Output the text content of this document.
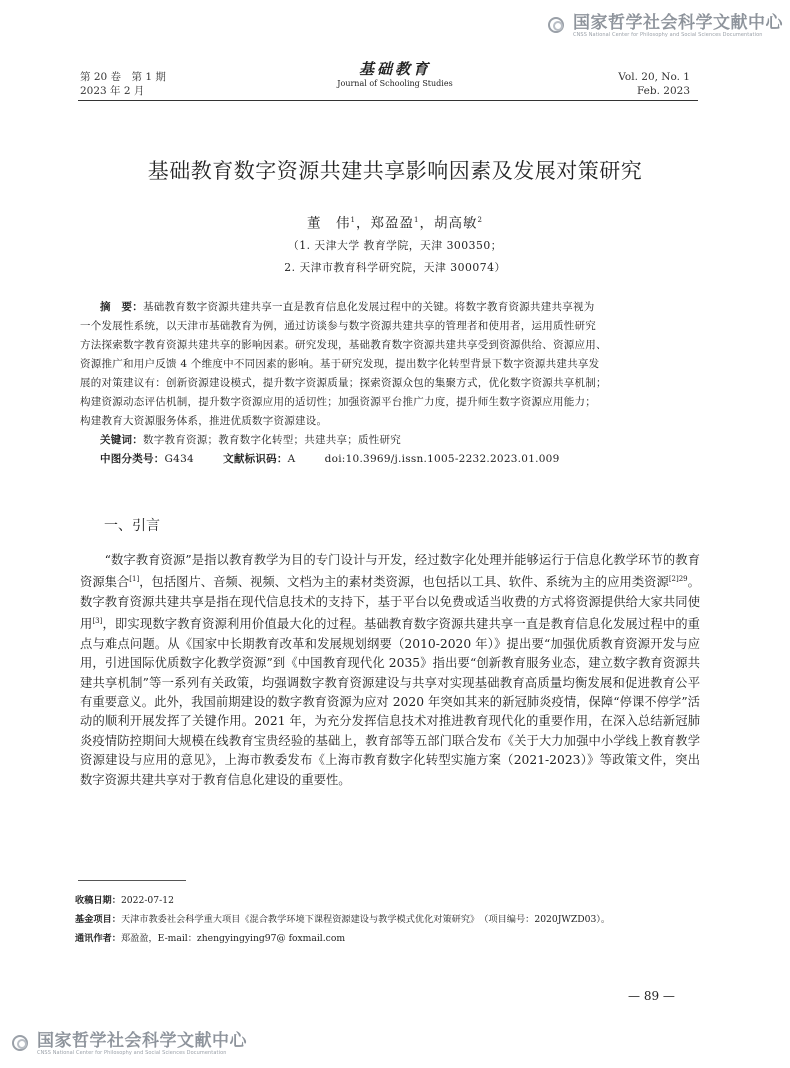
国家哲学社会科学文献中心
CNSS National Center for Philosophy and Social Sciences Documentation
第 20 卷　第 1 期
2023 年 2 月
基础教育
Journal of Schooling Studies
Vol. 20, No. 1
Feb. 2023
基础教育数字资源共建共享影响因素及发展对策研究
董　伟$^1$，郑盈盈$^1$，胡高敏$^2$
（1. 天津大学 教育学院，天津 300350；
2. 天津市教育科学研究院，天津 300074）

摘　要：基础教育数字资源共建共享一直是教育信息化发展过程中的关键。将数字教育资源共建共享视为

一个发展性系统，以天津市基础教育为例，通过访谈参与数字资源共建共享的管理者和使用者，运用质性研究

方法探索数字教育资源共建共享的影响因素。研究发现，基础教育数字资源共建共享受到资源供给、资源应用、

资源推广和用户反馈 4 个维度中不同因素的影响。基于研究发现，提出数字化转型背景下数字资源共建共享发

展的对策建议有：创新资源建设模式，提升数字资源质量；探索资源众包的集聚方式，优化数字资源共享机制；

构建资源动态评估机制，提升数字资源应用的适切性；加强资源平台推广力度，提升师生数字资源应用能力；

构建教育大资源服务体系，推进优质数字资源建设。

关键词：数字教育资源；教育数字化转型；共建共享；质性研究

中图分类号：G434	文献标识码：A	doi:10.3969/j.issn.1005-2232.2023.01.009

一、引言

“数字教育资源”是指以教育教学为目的专门设计与开发，经过数字化处理并能够运行于信息化教学环节的教育资源集合[1]，包括图片、音频、视频、文档为主的素材类资源，也包括以工具、软件、系统为主的应用类资源$^{[2]29}$。数字教育资源共建共享是指在现代信息技术的支持下，基于平台以免费或适当收费的方式将资源提供给大家共同使用[3]，即实现数字教育资源利用价值最大化的过程。基础教育数字资源共建共享一直是教育信息化发展过程中的重点与难点问题。从《国家中长期教育改革和发展规划纲要（2010-2020 年）》提出要“加强优质教育资源开发与应用，引进国际优质数字化教学资源”到《中国教育现代化 2035》指出要“创新教育服务业态，建立数字教育资源共建共享机制”等一系列有关政策，均强调数字教育资源建设与共享对实现基础教育高质量均衡发展和促进教育公平有重要意义。此外，我国前期建设的数字教育资源为应对 2020 年突如其来的新冠肺炎疫情，保障“停课不停学”活动的顺利开展发挥了关键作用。2021 年，为充分发挥信息技术对推进教育现代化的重要作用，在深入总结新冠肺炎疫情防控期间大规模在线教育宝贵经验的基础上，教育部等五部门联合发布《关于大力加强中小学线上教育教学资源建设与应用的意见》，上海市教委发布《上海市教育数字化转型实施方案（2021-2023）》等政策文件，突出数字资源共建共享对于教育信息化建设的重要性。

收稿日期：2022-07-12

基金项目：天津市教委社会科学重大项目《混合教学环境下课程资源建设与教学模式优化对策研究》　（项目编号：2020JWZD03）。

通讯作者：郑盈盈，E-mail：zhengyingying97@ foxmail.com

— 89 —
国家哲学社会科学文献中心
CNSS National Center for Philosophy and Social Sciences Documentation
